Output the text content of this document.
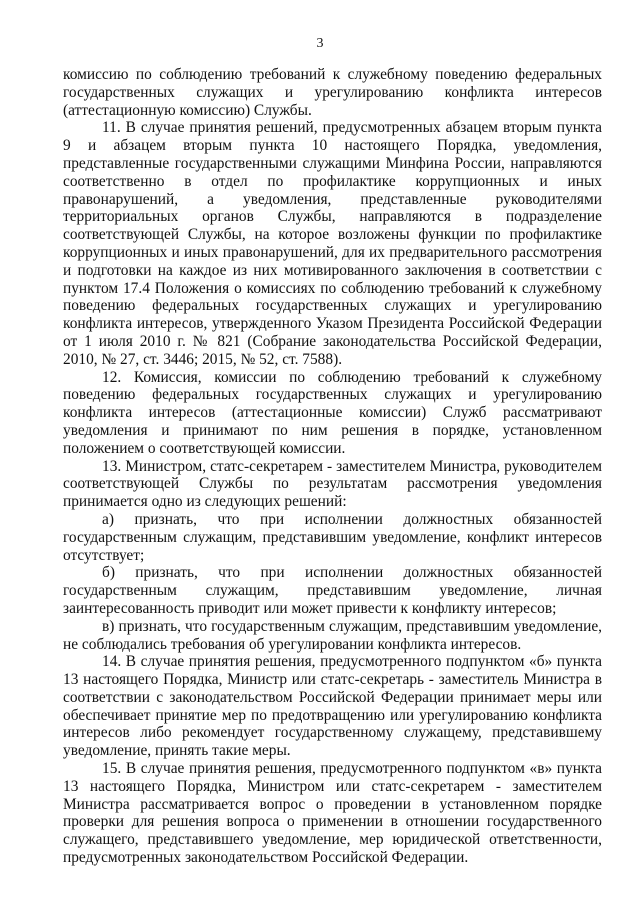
3

комиссию по соблюдению требований к служебному поведению федеральных государственных служащих и урегулированию конфликта интересов (аттестационную комиссию) Службы.

11. В случае принятия решений, предусмотренных абзацем вторым пункта 9 и абзацем вторым пункта 10 настоящего Порядка, уведомления, представленные государственными служащими Минфина России, направляются соответственно в отдел по профилактике коррупционных и иных правонарушений, а уведомления, представленные руководителями территориальных органов Службы, направляются в подразделение соответствующей Службы, на которое возложены функции по профилактике коррупционных и иных правонарушений, для их предварительного рассмотрения и подготовки на каждое из них мотивированного заключения в соответствии с пунктом 17.4 Положения о комиссиях по соблюдению требований к служебному поведению федеральных государственных служащих и урегулированию конфликта интересов, утвержденного Указом Президента Российской Федерации от 1 июля 2010 г. № 821 (Собрание законодательства Российской Федерации, 2010, № 27, ст. 3446; 2015, № 52, ст. 7588).

12. Комиссия, комиссии по соблюдению требований к служебному поведению федеральных государственных служащих и урегулированию конфликта интересов (аттестационные комиссии) Служб рассматривают уведомления и принимают по ним решения в порядке, установленном положением о соответствующей комиссии.

13. Министром, статс-секретарем - заместителем Министра, руководителем соответствующей Службы по результатам рассмотрения уведомления принимается одно из следующих решений:

а) признать, что при исполнении должностных обязанностей государственным служащим, представившим уведомление, конфликт интересов отсутствует;

б) признать, что при исполнении должностных обязанностей государственным служащим, представившим уведомление, личная заинтересованность приводит или может привести к конфликту интересов;

в) признать, что государственным служащим, представившим уведомление, не соблюдались требования об урегулировании конфликта интересов.

14. В случае принятия решения, предусмотренного подпунктом «б» пункта 13 настоящего Порядка, Министр или статс-секретарь - заместитель Министра в соответствии с законодательством Российской Федерации принимает меры или обеспечивает принятие мер по предотвращению или урегулированию конфликта интересов либо рекомендует государственному служащему, представившему уведомление, принять такие меры.

15. В случае принятия решения, предусмотренного подпунктом «в» пункта 13 настоящего Порядка, Министром или статс-секретарем - заместителем Министра рассматривается вопрос о проведении в установленном порядке проверки для решения вопроса о применении в отношении государственного служащего, представившего уведомление, мер юридической ответственности, предусмотренных законодательством Российской Федерации.
